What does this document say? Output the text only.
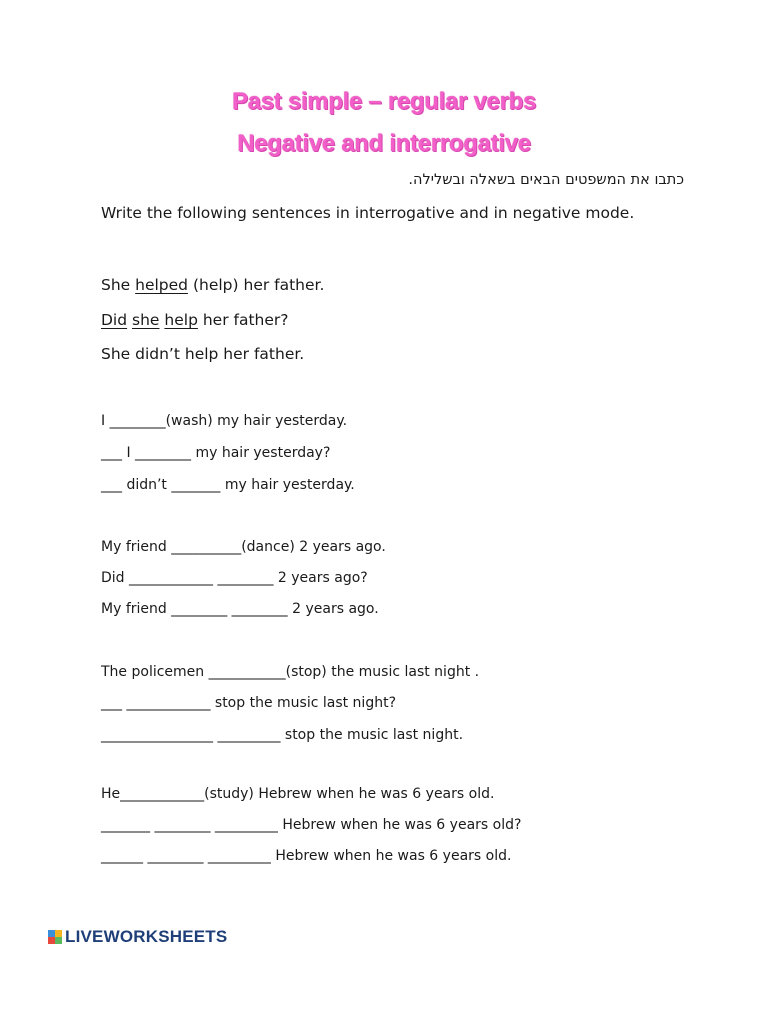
Past simple – regular verbs
Negative and interrogative
כתבו את המשפטים הבאים בשאלה ובשלילה.
Write the following sentences in interrogative and in negative mode.
She helped (help) her father.
Did she help her father?
She didn’t help her father.
I ________(wash) my hair yesterday.
___ I ________ my hair yesterday?
___ didn’t _______ my hair yesterday.
My friend __________(dance) 2 years ago.
Did ____________ ________ 2 years ago?
My friend ________ ________ 2 years ago.
The policemen ___________(stop) the music last night .
___ ____________ stop the music last night?
________________ _________ stop the music last night.
He____________(study) Hebrew when he was 6 years old.
_______ ________ _________ Hebrew when he was 6 years old?
______ ________ _________ Hebrew when he was 6 years old.
LIVEWORKSHEETS
